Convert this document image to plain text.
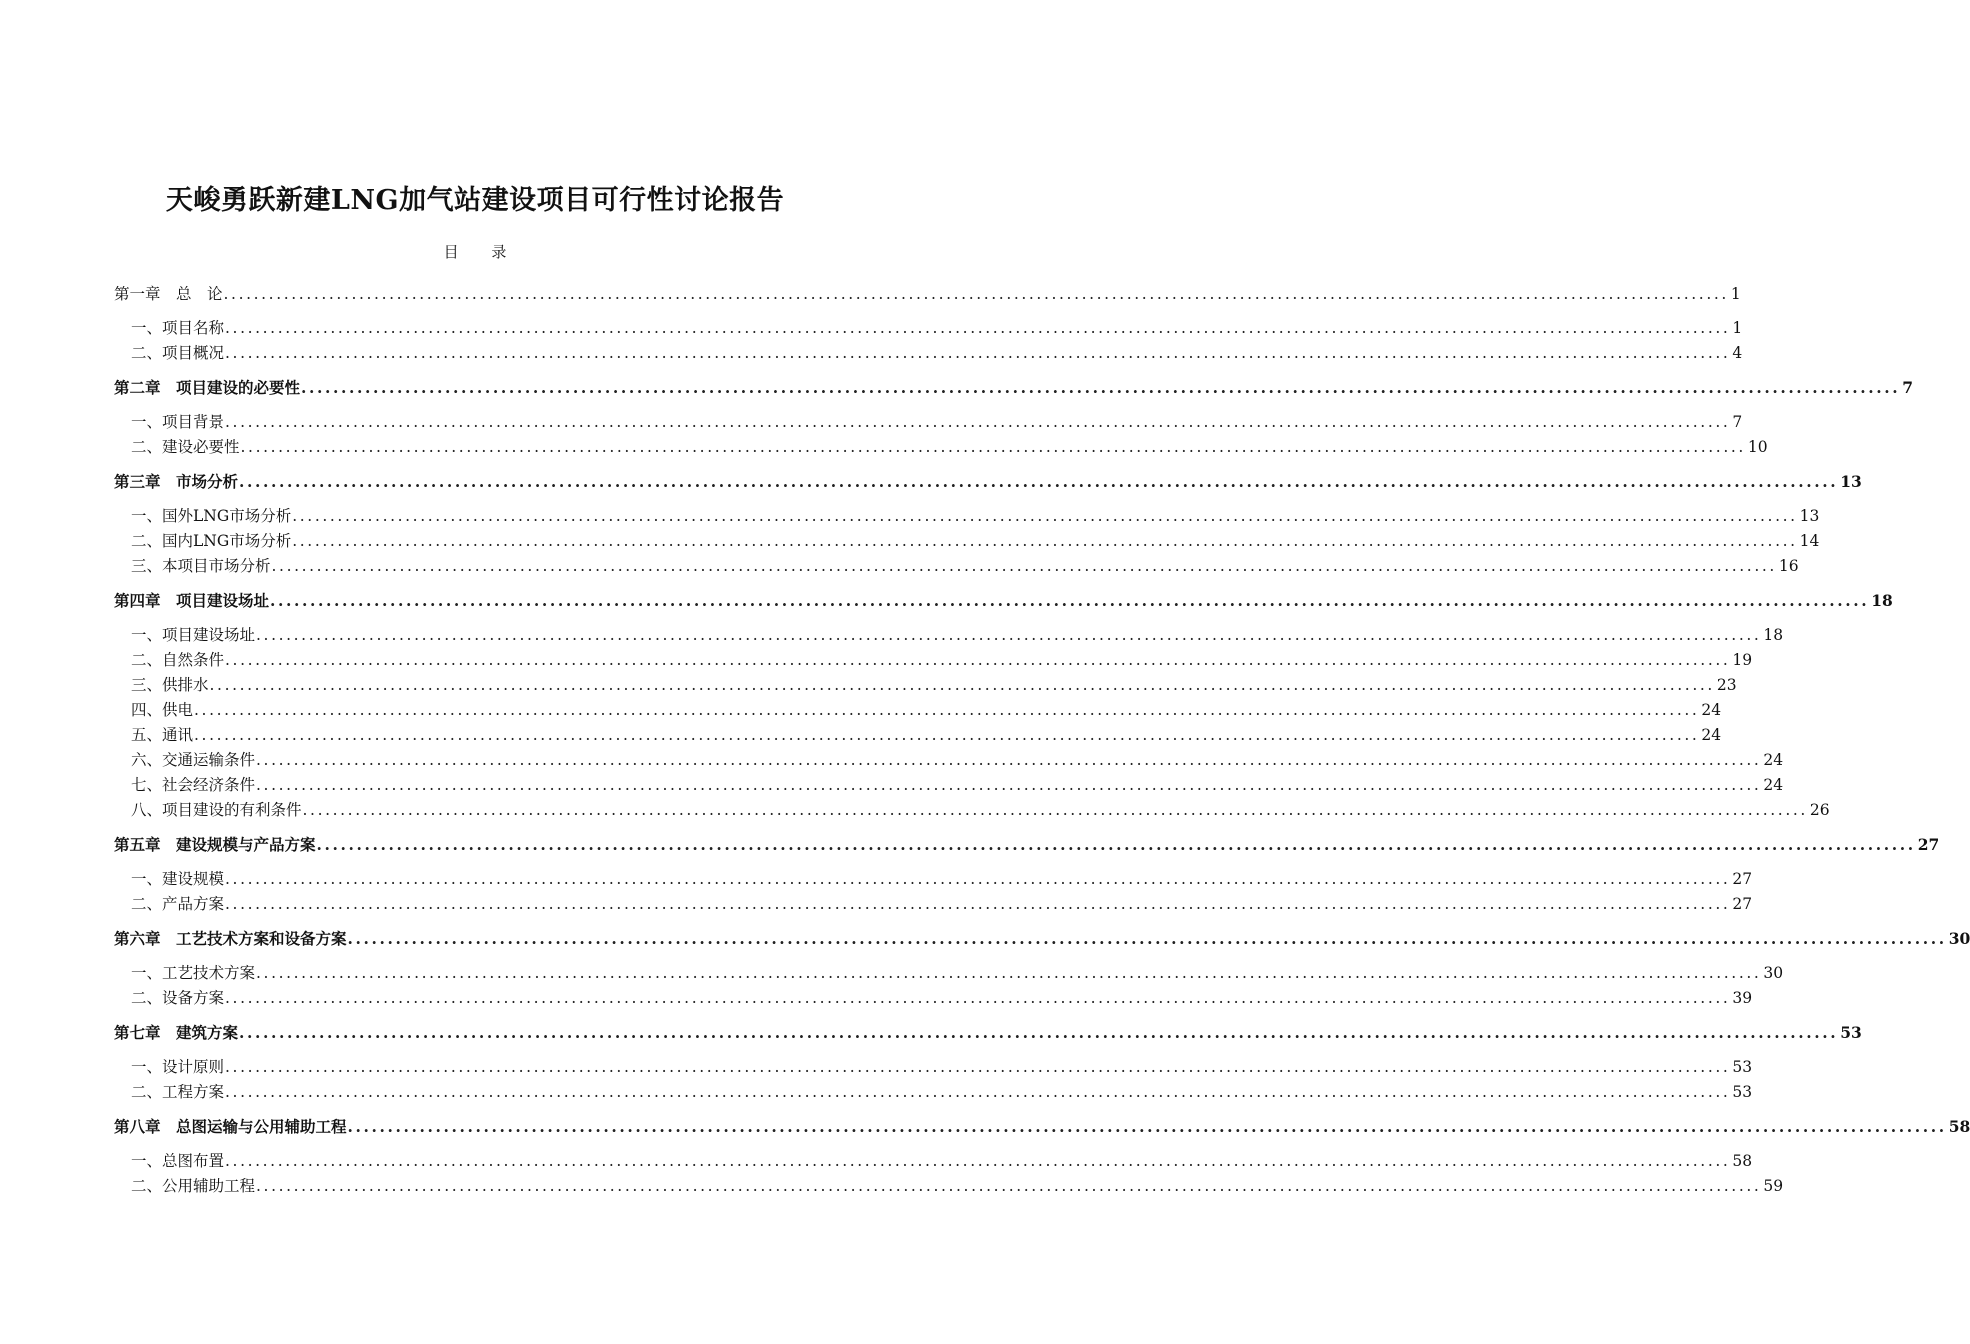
天峻勇跃新建LNG加气站建设项目可行性讨论报告
目 录
第一章　总　论 ........................................................................................................................................................................................................ 1
一、项目名称 ........................................................................................................................................................................................................ 1
二、项目概况 ........................................................................................................................................................................................................ 4
第二章　项目建设的必要性 ........................................................................................................................................................................................................ 7
一、项目背景 ........................................................................................................................................................................................................ 7
二、建设必要性 ........................................................................................................................................................................................................ 10
第三章　市场分析 ........................................................................................................................................................................................................ 13
一、国外LNG市场分析 ........................................................................................................................................................................................................ 13
二、国内LNG市场分析 ........................................................................................................................................................................................................ 14
三、本项目市场分析 ........................................................................................................................................................................................................ 16
第四章　项目建设场址 ........................................................................................................................................................................................................ 18
一、项目建设场址 ........................................................................................................................................................................................................ 18
二、自然条件 ........................................................................................................................................................................................................ 19
三、供排水 ........................................................................................................................................................................................................ 23
四、供电 ........................................................................................................................................................................................................ 24
五、通讯 ........................................................................................................................................................................................................ 24
六、交通运输条件 ........................................................................................................................................................................................................ 24
七、社会经济条件 ........................................................................................................................................................................................................ 24
八、项目建设的有利条件 ........................................................................................................................................................................................................ 26
第五章　建设规模与产品方案 ........................................................................................................................................................................................................ 27
一、建设规模 ........................................................................................................................................................................................................ 27
二、产品方案 ........................................................................................................................................................................................................ 27
第六章　工艺技术方案和设备方案 ........................................................................................................................................................................................................ 30
一、工艺技术方案 ........................................................................................................................................................................................................ 30
二、设备方案 ........................................................................................................................................................................................................ 39
第七章　建筑方案 ........................................................................................................................................................................................................ 53
一、设计原则 ........................................................................................................................................................................................................ 53
二、工程方案 ........................................................................................................................................................................................................ 53
第八章　总图运输与公用辅助工程 ........................................................................................................................................................................................................ 58
一、总图布置 ........................................................................................................................................................................................................ 58
二、公用辅助工程 ........................................................................................................................................................................................................ 59
